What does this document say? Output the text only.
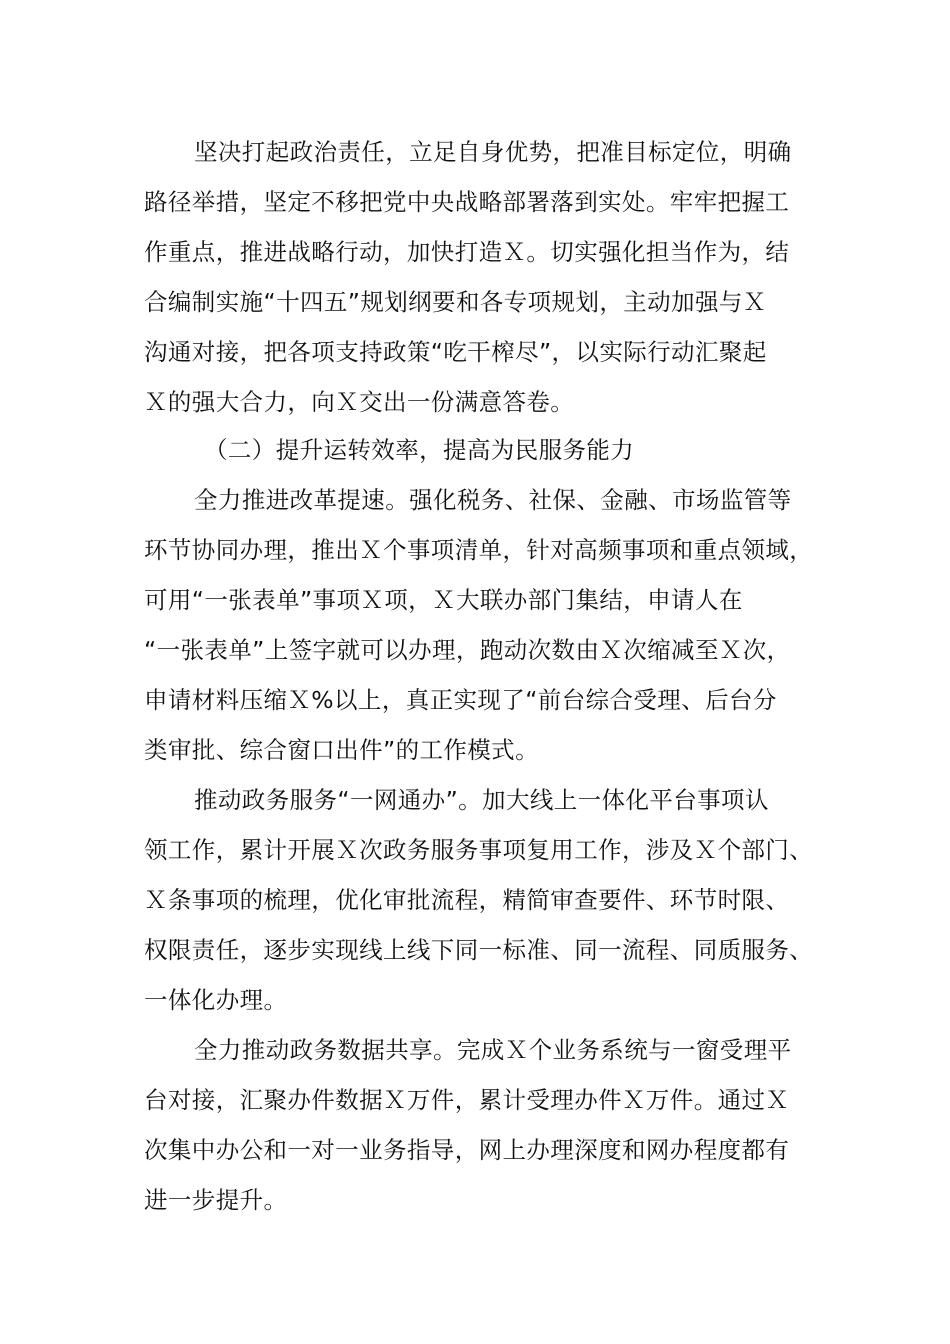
坚决打起政治责任，立足自身优势，把准目标定位，明确
路径举措，坚定不移把党中央战略部署落到实处。牢牢把握工
作重点，推进战略行动，加快打造Ｘ。切实强化担当作为，结
合编制实施“十四五”规划纲要和各专项规划，主动加强与Ｘ
沟通对接，把各项支持政策“吃干榨尽”，以实际行动汇聚起
Ｘ的强大合力，向Ｘ交出一份满意答卷。
（二）提升运转效率，提高为民服务能力
全力推进改革提速。强化税务、社保、金融、市场监管等
环节协同办理，推出Ｘ个事项清单，针对高频事项和重点领域，
可用“一张表单”事项Ｘ项，Ｘ大联办部门集结，申请人在
“一张表单”上签字就可以办理，跑动次数由Ｘ次缩减至Ｘ次，
申请材料压缩Ｘ%以上，真正实现了“前台综合受理、后台分
类审批、综合窗口出件”的工作模式。
推动政务服务“一网通办”。加大线上一体化平台事项认
领工作，累计开展Ｘ次政务服务事项复用工作，涉及Ｘ个部门、
Ｘ条事项的梳理，优化审批流程，精简审查要件、环节时限、
权限责任，逐步实现线上线下同一标准、同一流程、同质服务、
一体化办理。
全力推动政务数据共享。完成Ｘ个业务系统与一窗受理平
台对接，汇聚办件数据Ｘ万件，累计受理办件Ｘ万件。通过Ｘ
次集中办公和一对一业务指导，网上办理深度和网办程度都有
进一步提升。
